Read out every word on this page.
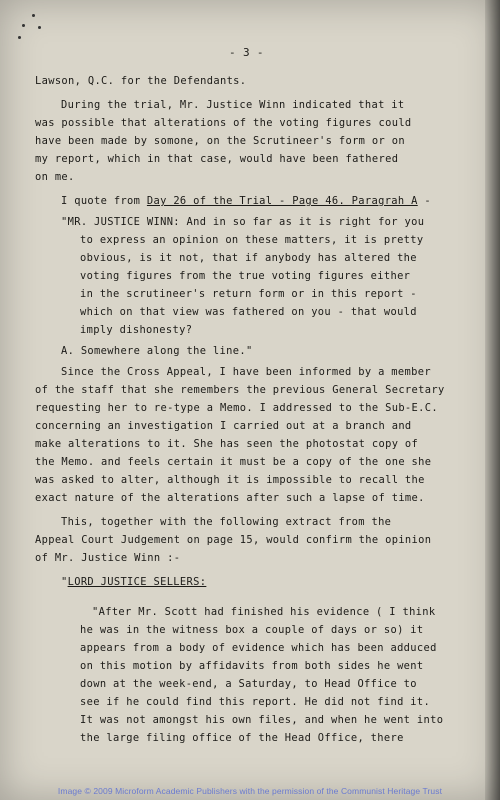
- 3 -
Lawson, Q.C. for the Defendants.
During the trial, Mr. Justice Winn indicated that it
was possible that alterations of the voting figures could
have been made by somone, on the Scrutineer's form or on
my report, which in that case, would have been fathered
on me.
I quote from Day 26 of the Trial - Page 46. Paragrah A -
"MR. JUSTICE WINN: And in so far as it is right for you
to express an opinion on these matters, it is pretty
obvious, is it not, that if anybody has altered the
voting figures from the true voting figures either
in the scrutineer's return form or in this report -
which on that view was fathered on you - that would
imply dishonesty?
A. Somewhere along the line."
Since the Cross Appeal, I have been informed by a member
of the staff that she remembers the previous General Secretary
requesting her to re-type a Memo. I addressed to the Sub-E.C.
concerning an investigation I carried out at a branch and
make alterations to it. She has seen the photostat copy of
the Memo. and feels certain it must be a copy of the one she
was asked to alter, although it is impossible to recall the
exact nature of the alterations after such a lapse of time.
This, together with the following extract from the
Appeal Court Judgement on page 15, would confirm the opinion
of Mr. Justice Winn :-
"LORD JUSTICE SELLERS:
"After Mr. Scott had finished his evidence ( I think
he was in the witness box a couple of days or so) it
appears from a body of evidence which has been adduced
on this motion by affidavits from both sides he went
down at the week-end, a Saturday, to Head Office to
see if he could find this report. He did not find it.
It was not amongst his own files, and when he went into
the large filing office of the Head Office, there
Image © 2009 Microform Academic Publishers with the permission of the Communist Heritage Trust
